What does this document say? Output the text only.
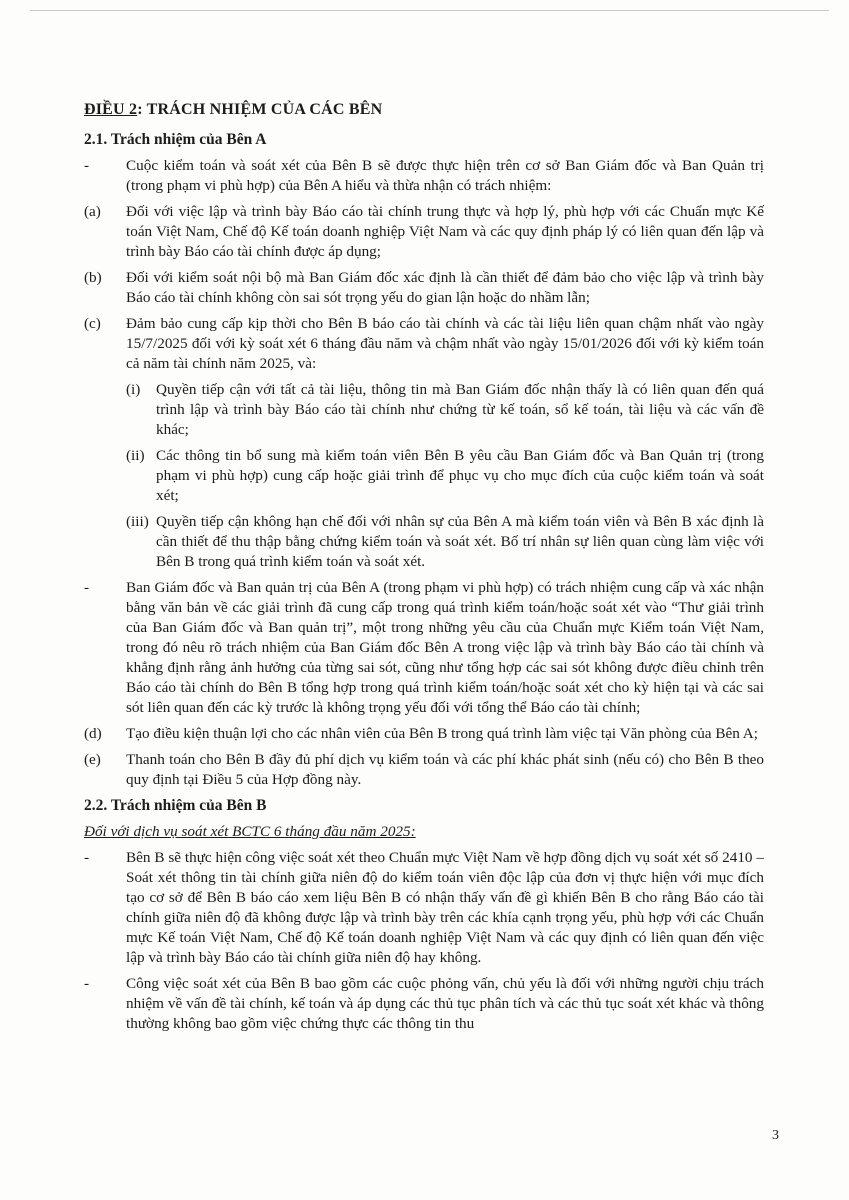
ĐIỀU 2: TRÁCH NHIỆM CỦA CÁC BÊN
2.1. Trách nhiệm của Bên A
-	Cuộc kiểm toán và soát xét của Bên B sẽ được thực hiện trên cơ sở Ban Giám đốc và Ban Quản trị (trong phạm vi phù hợp) của Bên A hiểu và thừa nhận có trách nhiệm:
(a)	Đối với việc lập và trình bày Báo cáo tài chính trung thực và hợp lý, phù hợp với các Chuẩn mực Kế toán Việt Nam, Chế độ Kế toán doanh nghiệp Việt Nam và các quy định pháp lý có liên quan đến lập và trình bày Báo cáo tài chính được áp dụng;
(b)	Đối với kiểm soát nội bộ mà Ban Giám đốc xác định là cần thiết để đảm bảo cho việc lập và trình bày Báo cáo tài chính không còn sai sót trọng yếu do gian lận hoặc do nhầm lẫn;
(c)	Đảm bảo cung cấp kịp thời cho Bên B báo cáo tài chính và các tài liệu liên quan chậm nhất vào ngày 15/7/2025 đối với kỳ soát xét 6 tháng đầu năm và chậm nhất vào ngày 15/01/2026 đối với kỳ kiểm toán cả năm tài chính năm 2025, và:
(i)	Quyền tiếp cận với tất cả tài liệu, thông tin mà Ban Giám đốc nhận thấy là có liên quan đến quá trình lập và trình bày Báo cáo tài chính như chứng từ kế toán, sổ kế toán, tài liệu và các vấn đề khác;
(ii) Các thông tin bổ sung mà kiểm toán viên Bên B yêu cầu Ban Giám đốc và Ban Quản trị (trong phạm vi phù hợp) cung cấp hoặc giải trình để phục vụ cho mục đích của cuộc kiểm toán và soát xét;
(iii) Quyền tiếp cận không hạn chế đối với nhân sự của Bên A mà kiểm toán viên và Bên B xác định là cần thiết để thu thập bằng chứng kiểm toán và soát xét. Bố trí nhân sự liên quan cùng làm việc với Bên B trong quá trình kiểm toán và soát xét.
-	Ban Giám đốc và Ban quản trị của Bên A (trong phạm vi phù hợp) có trách nhiệm cung cấp và xác nhận bằng văn bản về các giải trình đã cung cấp trong quá trình kiểm toán/hoặc soát xét vào “Thư giải trình của Ban Giám đốc và Ban quản trị”, một trong những yêu cầu của Chuẩn mực Kiểm toán Việt Nam, trong đó nêu rõ trách nhiệm của Ban Giám đốc Bên A trong việc lập và trình bày Báo cáo tài chính và khẳng định rằng ảnh hưởng của từng sai sót, cũng như tổng hợp các sai sót không được điều chỉnh trên Báo cáo tài chính do Bên B tổng hợp trong quá trình kiểm toán/hoặc soát xét cho kỳ hiện tại và các sai sót liên quan đến các kỳ trước là không trọng yếu đối với tổng thể Báo cáo tài chính;
(d)	Tạo điều kiện thuận lợi cho các nhân viên của Bên B trong quá trình làm việc tại Văn phòng của Bên A;
(e)	Thanh toán cho Bên B đầy đủ phí dịch vụ kiểm toán và các phí khác phát sinh (nếu có) cho Bên B theo quy định tại Điều 5 của Hợp đồng này.
2.2. Trách nhiệm của Bên B

Đối với dịch vụ soát xét BCTC 6 tháng đầu năm 2025:

-	Bên B sẽ thực hiện công việc soát xét theo Chuẩn mực Việt Nam về hợp đồng dịch vụ soát xét số 2410 – Soát xét thông tin tài chính giữa niên độ do kiểm toán viên độc lập của đơn vị thực hiện với mục đích tạo cơ sở để Bên B báo cáo xem liệu Bên B có nhận thấy vấn đề gì khiến Bên B cho rằng Báo cáo tài chính giữa niên độ đã không được lập và trình bày trên các khía cạnh trọng yếu, phù hợp với các Chuẩn mực Kế toán Việt Nam, Chế độ Kế toán doanh nghiệp Việt Nam và các quy định có liên quan đến việc lập và trình bày Báo cáo tài chính giữa niên độ hay không.
-	Công việc soát xét của Bên B bao gồm các cuộc phỏng vấn, chủ yếu là đối với những người chịu trách nhiệm về vấn đề tài chính, kế toán và áp dụng các thủ tục phân tích và các thủ tục soát xét khác và thông thường không bao gồm việc chứng thực các thông tin thu
3
